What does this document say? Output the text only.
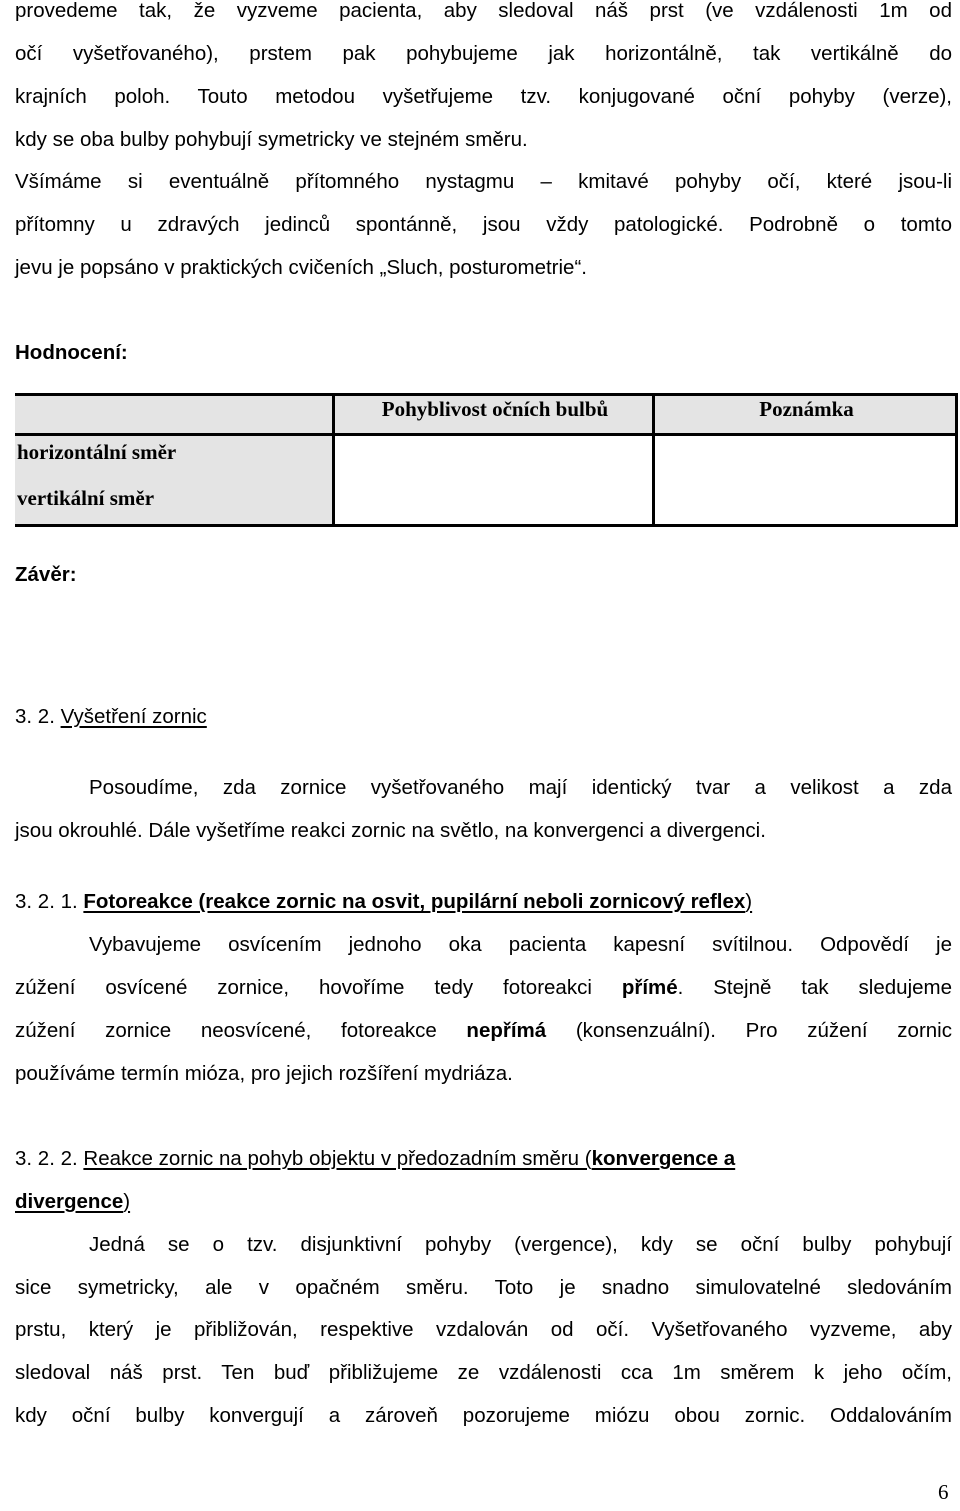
provedeme tak, že vyzveme pacienta, aby sledoval náš prst (ve vzdálenosti 1m od
očí vyšetřovaného), prstem pak pohybujeme jak horizontálně, tak vertikálně do
krajních poloh. Touto metodou vyšetřujeme tzv. konjugované oční pohyby (verze),
kdy se oba bulby pohybují symetricky ve stejném směru.
Všímáme si eventuálně přítomného nystagmu – kmitavé pohyby očí, které jsou-li
přítomny u zdravých jedinců spontánně, jsou vždy patologické. Podrobně o tomto
jevu je popsáno v praktických cvičeních „Sluch, posturometrie“.
Hodnocení:
Pohyblivost očních bulbů	Poznámka
horizontální směr
vertikální směr
Závěr:
3. 2. Vyšetření zornic
Posoudíme, zda zornice vyšetřovaného mají identický tvar a velikost a zda
jsou okrouhlé. Dále vyšetříme reakci zornic na světlo, na konvergenci a divergenci.
3. 2. 1. Fotoreakce (reakce zornic na osvit, pupilární neboli zornicový reflex)
Vybavujeme osvícením jednoho oka pacienta kapesní svítilnou. Odpovědí je
zúžení osvícené zornice, hovoříme tedy fotoreakci přímé. Stejně tak sledujeme
zúžení zornice neosvícené, fotoreakce nepřímá (konsenzuální). Pro zúžení zornic
používáme termín mióza, pro jejich rozšíření mydriáza.
3. 2. 2. Reakce zornic na pohyb objektu v předozadním směru (konvergence a
divergence)
Jedná se o tzv. disjunktivní pohyby (vergence), kdy se oční bulby pohybují
sice symetricky, ale v opačném směru. Toto je snadno simulovatelné sledováním
prstu, který je přibližován, respektive vzdalován od očí. Vyšetřovaného vyzveme, aby
sledoval náš prst. Ten buď přibližujeme ze vzdálenosti cca 1m směrem k jeho očím,
kdy oční bulby konvergují a zároveň pozorujeme miózu obou zornic. Oddalováním
6
